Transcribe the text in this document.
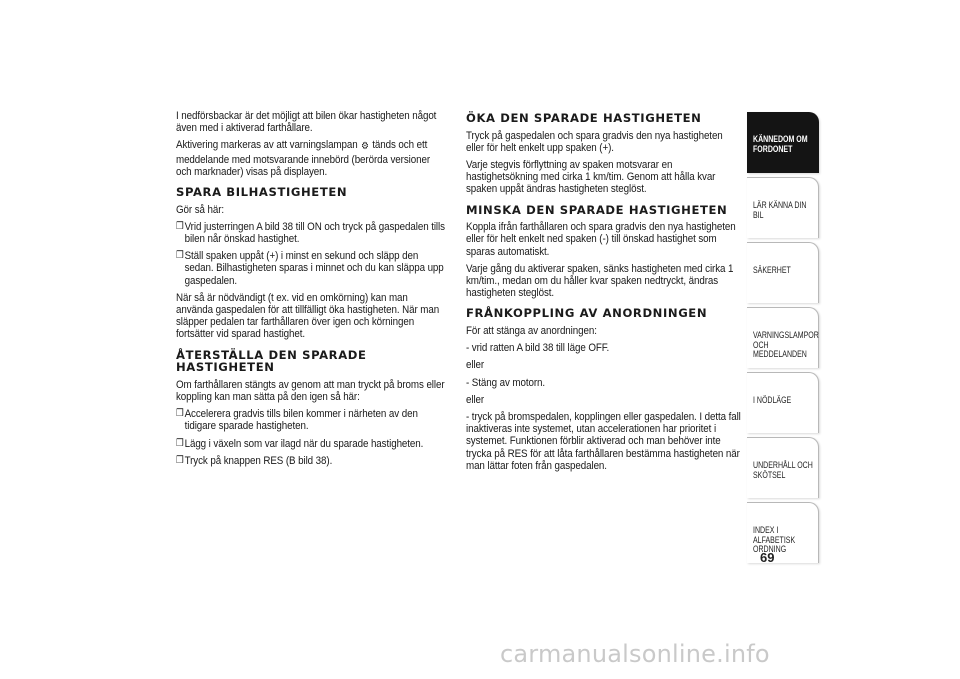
I nedförsbackar är det möjligt att bilen ökar hastigheten något även med i aktiverad farthållare.

Aktivering markeras av att varningslampan ⚙ tänds och ett meddelande med motsvarande innebörd (berörda versioner och marknader) visas på displayen.

SPARA BILHASTIGHETEN

Gör så här:

❒ Vrid justerringen A bild 38 till ON och tryck på gaspedalen tills bilen når önskad hastighet.
❒ Ställ spaken uppåt (+) i minst en sekund och släpp den sedan. Bilhastigheten sparas i minnet och du kan släppa upp gaspedalen.

När så är nödvändigt (t ex. vid en omkörning) kan man använda gaspedalen för att tillfälligt öka hastigheten. När man släpper pedalen tar farthållaren över igen och körningen fortsätter vid sparad hastighet.

ÅTERSTÄLLA DEN SPARADE HASTIGHETEN

Om farthållaren stängts av genom att man tryckt på broms eller koppling kan man sätta på den igen så här:

❒ Accelerera gradvis tills bilen kommer i närheten av den tidigare sparade hastigheten.
❒ Lägg i växeln som var ilagd när du sparade hastigheten.
❒ Tryck på knappen RES (B bild 38).
ÖKA DEN SPARADE HASTIGHETEN

Tryck på gaspedalen och spara gradvis den nya hastigheten eller för helt enkelt upp spaken (+).

Varje stegvis förflyttning av spaken motsvarar en hastighetsökning med cirka 1 km/tim. Genom att hålla kvar spaken uppåt ändras hastigheten steglöst.

MINSKA DEN SPARADE HASTIGHETEN

Koppla ifrån farthållaren och spara gradvis den nya hastigheten eller för helt enkelt ned spaken (-) till önskad hastighet som sparas automatiskt.

Varje gång du aktiverar spaken, sänks hastigheten med cirka 1 km/tim., medan om du håller kvar spaken nedtryckt, ändras hastigheten steglöst.

FRÅNKOPPLING AV ANORDNINGEN

För att stänga av anordningen:

- vrid ratten A bild 38 till läge OFF.

eller

- Stäng av motorn.

eller

- tryck på bromspedalen, kopplingen eller gaspedalen. I detta fall inaktiveras inte systemet, utan accelerationen har prioritet i systemet. Funktionen förblir aktiverad och man behöver inte trycka på RES för att låta farthållaren bestämma hastigheten när man lättar foten från gaspedalen.

KÄNNEDOM OM FORDONET
LÄR KÄNNA DIN BIL
SÄKERHET
VARNINGSLAMPOR OCH MEDDELANDEN
I NÖDLÄGE
UNDERHÅLL OCH SKÖTSEL
INDEX I ALFABETISK ORDNING
69
carmanualsonline.info
